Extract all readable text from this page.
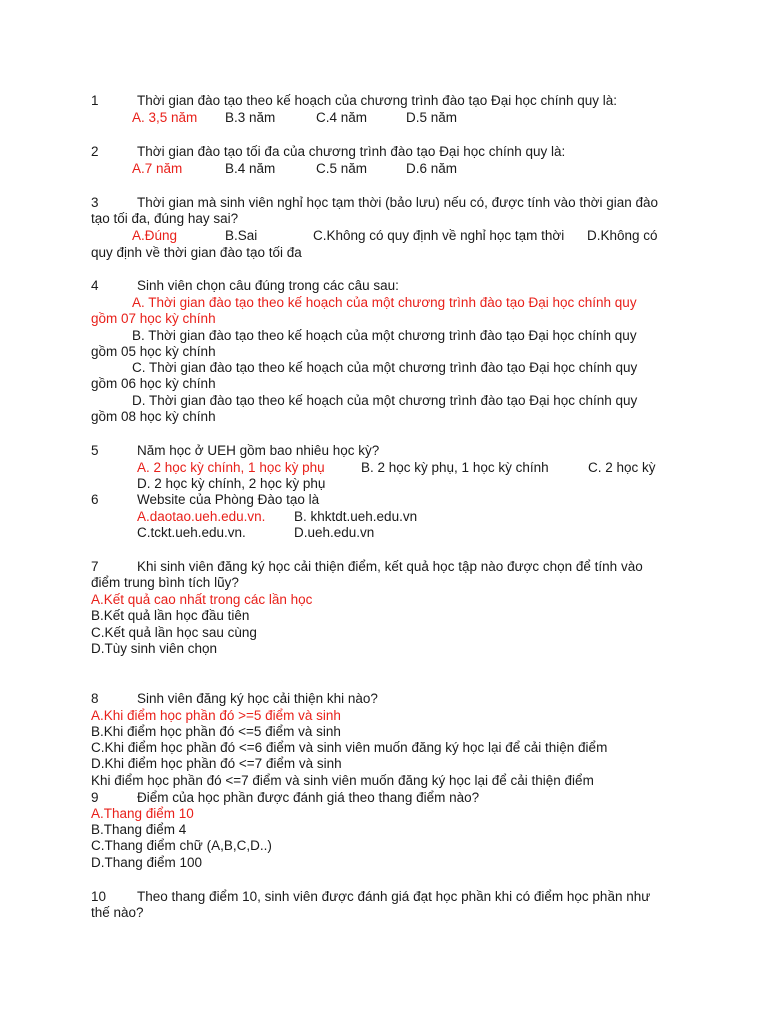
1	Thời gian đào tạo theo kế hoạch của chương trình đào tạo Đại học chính quy là:
A. 3,5 năm B.3 năm	C.4 năm	D.5 năm
2	Thời gian đào tạo tối đa của chương trình đào tạo Đại học chính quy là:
A.7 năm	B.4 năm	C.5 năm	D.6 năm
3	Thời gian mà sinh viên nghỉ học tạm thời (bảo lưu) nếu có, được tính vào thời gian đào
tạo tối đa, đúng hay sai?
A.Đúng	B.Sai	C.Không có quy định về nghỉ học tạm thời D.Không có
quy định về thời gian đào tạo tối đa
4	Sinh viên chọn câu đúng trong các câu sau:
A. Thời gian đào tạo theo kế hoạch của một chương trình đào tạo Đại học chính quy
gồm 07 học kỳ chính
B. Thời gian đào tạo theo kế hoạch của một chương trình đào tạo Đại học chính quy
gồm 05 học kỳ chính
C. Thời gian đào tạo theo kế hoạch của một chương trình đào tạo Đại học chính quy
gồm 06 học kỳ chính
D. Thời gian đào tạo theo kế hoạch của một chương trình đào tạo Đại học chính quy
gồm 08 học kỳ chính
5	Năm học ở UEH gồm bao nhiêu học kỳ?
A. 2 học kỳ chính, 1 học kỳ phụ	B. 2 học kỳ phụ, 1 học kỳ chính	C. 2 học kỳ
D. 2 học kỳ chính, 2 học kỳ phụ
6	Website của Phòng Đào tạo là
A.daotao.ueh.edu.vn. B. khktdt.ueh.edu.vn
C.tckt.ueh.edu.vn.	D.ueh.edu.vn
7	Khi sinh viên đăng ký học cải thiện điểm, kết quả học tập nào được chọn để tính vào
điểm trung bình tích lũy?
A.Kết quả cao nhất trong các lần học
B.Kết quả lần học đầu tiên
C.Kết quả lần học sau cùng
D.Tùy sinh viên chọn
8	Sinh viên đăng ký học cải thiện khi nào?
A.Khi điểm học phần đó >=5 điểm và sinh
B.Khi điểm học phần đó <=5 điểm và sinh
C.Khi điểm học phần đó <=6 điểm và sinh viên muốn đăng ký học lại để cải thiện điểm
D.Khi điểm học phần đó <=7 điểm và sinh
Khi điểm học phần đó <=7 điểm và sinh viên muốn đăng ký học lại để cải thiện điểm
9	Điểm của học phần được đánh giá theo thang điểm nào?
A.Thang điểm 10
B.Thang điểm 4
C.Thang điểm chữ (A,B,C,D..)
D.Thang điểm 100
10 Theo thang điểm 10, sinh viên được đánh giá đạt học phần khi có điểm học phần như
thế nào?
